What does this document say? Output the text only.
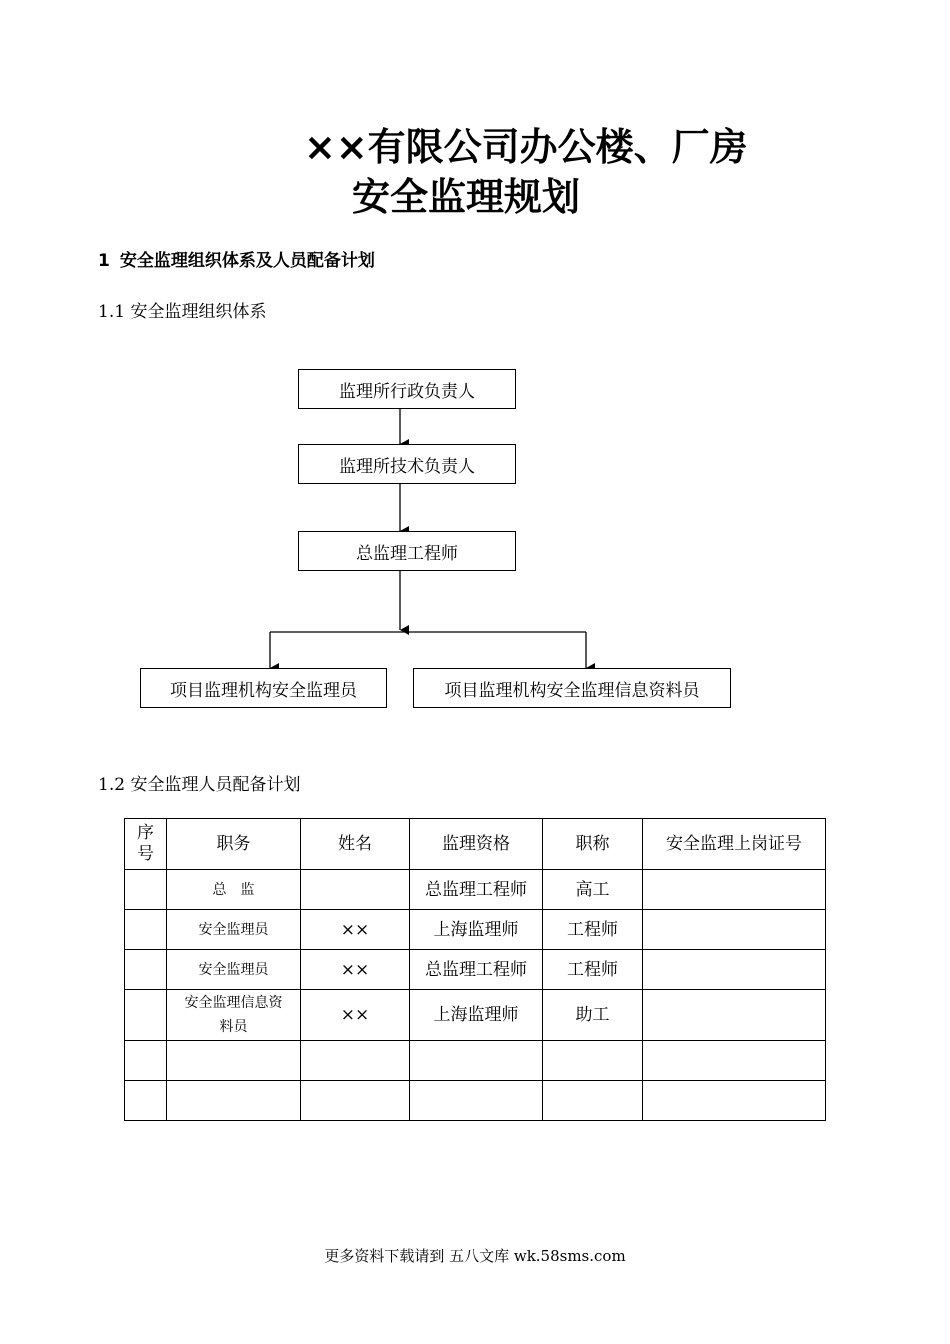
××有限公司办公楼、厂房
安全监理规划
1 安全监理组织体系及人员配备计划
1.1 安全监理组织体系
监理所行政负责人
监理所技术负责人
总监理工程师
项目监理机构安全监理员	项目监理机构安全监理信息资料员
1.2 安全监理人员配备计划
序号	职务	姓名	监理资格	职称	安全监理上岗证号
	总　监		总监理工程师	高工	
	安全监理员	××	上海监理师	工程师	
	安全监理员	××	总监理工程师	工程师	
	安全监理信息资料员	××	上海监理师	助工	

更多资料下载请到 五八文库 wk.58sms.com
